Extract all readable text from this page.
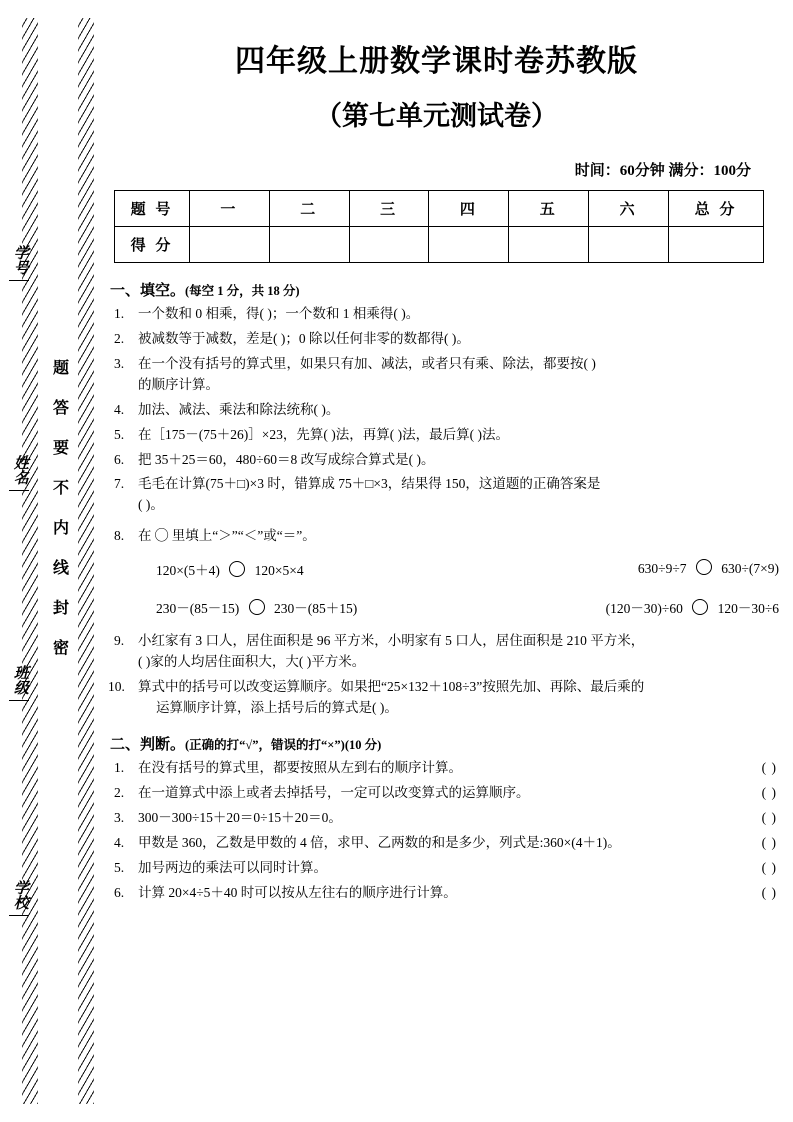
学号
姓名
班级
学校
题
答
要
不
内
线
封
密
四年级上册数学课时卷苏教版
（第七单元测试卷）
时间：60分钟 满分：100分
题 号	一	二	三	四	五	六	总 分
得 分							
一、填空。(每空 1 分，共 18 分)
1. 一个数和 0 相乘，得( )；一个数和 1 相乘得( )。
2. 被减数等于减数，差是( )；0 除以任何非零的数都得( )。
3. 在一个没有括号的算式里，如果只有加、减法，或者只有乘、除法，都要按( )
的顺序计算。
4. 加法、减法、乘法和除法统称( )。
5. 在［175－(75＋26)］×23，先算( )法，再算( )法，最后算( )法。
6. 把 35＋25＝60，480÷60＝8 改写成综合算式是( )。
7. 毛毛在计算(75＋□)×3 时，错算成 75＋□×3，结果得 150，这道题的正确答案是
( )。
8. 在 ◯ 里填上“＞”“＜”或“＝”。
120×(5＋4)	120×5×4	630÷9÷7	630÷(7×9)
230－(85－15)	230－(85＋15)	(120－30)÷60	120－30÷6
9. 小红家有 3 口人，居住面积是 96 平方米，小明家有 5 口人，居住面积是 210 平方米，
( )家的人均居住面积大，大( )平方米。
10. 算式中的括号可以改变运算顺序。如果把“25×132＋108÷3”按照先加、再除、最后乘的
运算顺序计算，添上括号后的算式是( )。
二、判断。(正确的打“√”，错误的打“×”)(10 分)
1. 在没有括号的算式里，都要按照从左到右的顺序计算。	( )
2. 在一道算式中添上或者去掉括号，一定可以改变算式的运算顺序。	( )
3. 300－300÷15＋20＝0÷15＋20＝0。	( )
4. 甲数是 360，乙数是甲数的 4 倍，求甲、乙两数的和是多少，列式是:360×(4＋1)。	( )
5. 加号两边的乘法可以同时计算。	( )
6. 计算 20×4÷5＋40 时可以按从左往右的顺序进行计算。	( )
